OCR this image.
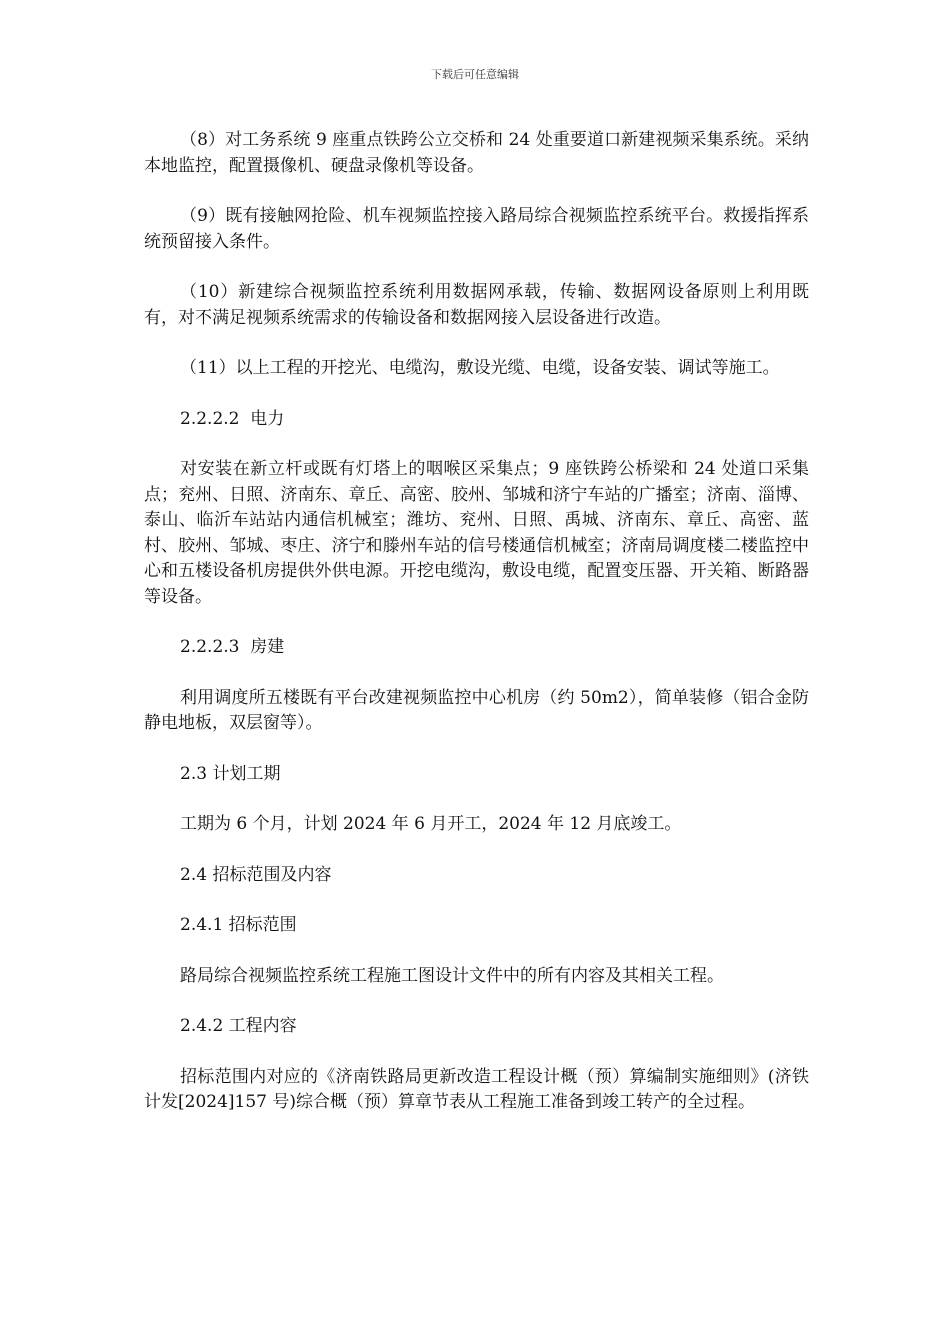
下载后可任意编辑

（8）对工务系统 9 座重点铁跨公立交桥和 24 处重要道口新建视频采集系统。采纳本地监控，配置摄像机、硬盘录像机等设备。

（9）既有接触网抢险、机车视频监控接入路局综合视频监控系统平台。救援指挥系统预留接入条件。

（10）新建综合视频监控系统利用数据网承载，传输、数据网设备原则上利用既有，对不满足视频系统需求的传输设备和数据网接入层设备进行改造。

（11）以上工程的开挖光、电缆沟，敷设光缆、电缆，设备安装、调试等施工。

2.2.2.2  电力

对安装在新立杆或既有灯塔上的咽喉区采集点；9 座铁跨公桥梁和 24 处道口采集点；兖州、日照、济南东、章丘、高密、胶州、邹城和济宁车站的广播室；济南、淄博、泰山、临沂车站站内通信机械室；潍坊、兖州、日照、禹城、济南东、章丘、高密、蓝村、胶州、邹城、枣庄、济宁和滕州车站的信号楼通信机械室；济南局调度楼二楼监控中心和五楼设备机房提供外供电源。开挖电缆沟，敷设电缆，配置变压器、开关箱、断路器等设备。

2.2.2.3  房建

利用调度所五楼既有平台改建视频监控中心机房（约 50m2），简单装修（铝合金防静电地板，双层窗等）。

2.3 计划工期

工期为 6 个月，计划 2024 年 6 月开工，2024 年 12 月底竣工。

2.4 招标范围及内容

2.4.1 招标范围

路局综合视频监控系统工程施工图设计文件中的所有内容及其相关工程。

2.4.2 工程内容

招标范围内对应的《济南铁路局更新改造工程设计概（预）算编制实施细则》(济铁计发[2024]157 号)综合概（预）算章节表从工程施工准备到竣工转产的全过程。
